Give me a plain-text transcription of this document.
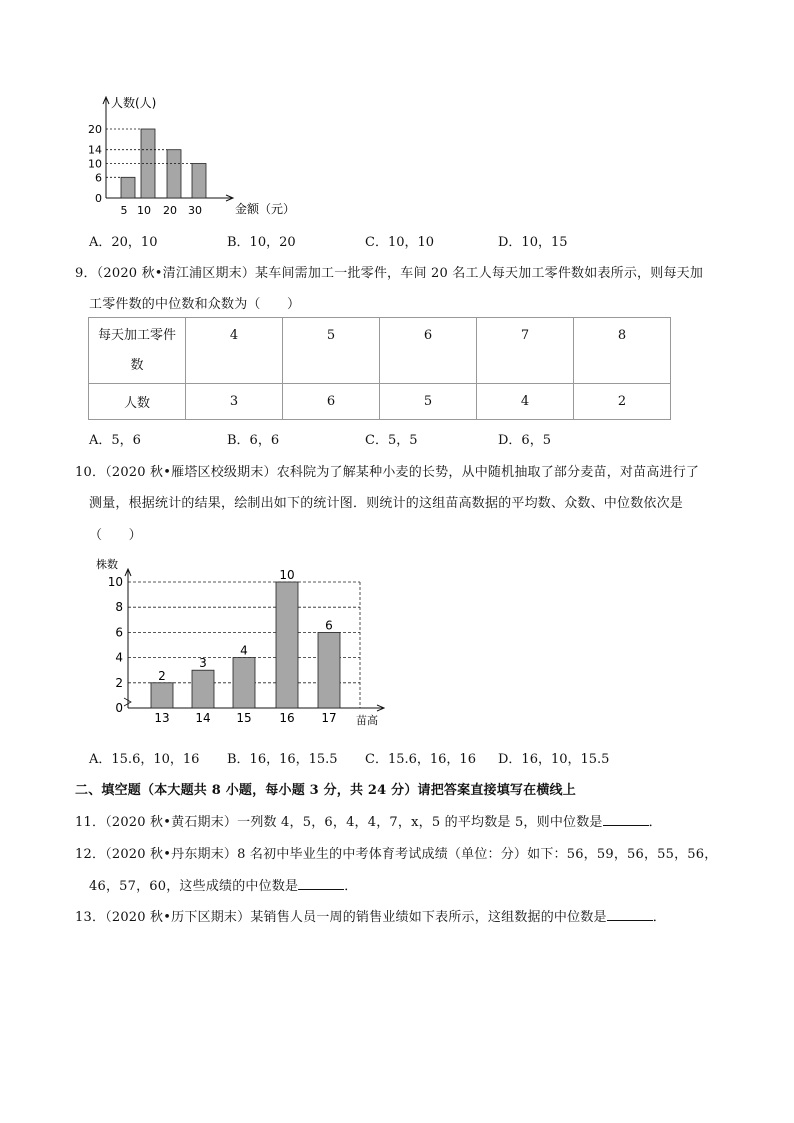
人数(人)
金额（元）
0
6
10
14
20
5 10 20 30
A．20，10	B．10，20	C．10，10	D．10，15
9．（2020 秋•清江浦区期末）某车间需加工一批零件，车间 20 名工人每天加工零件数如表所示，则每天加
工零件数的中位数和众数为（　　）
每天加工零件
数	4	5	6	7	8
人数	3	6	5	4	2
A．5，6	B．6，6	C．5，5	D．6，5
10．（2020 秋•雁塔区校级期末）农科院为了解某种小麦的长势，从中随机抽取了部分麦苗，对苗高进行了
测量，根据统计的结果，绘制出如下的统计图．则统计的这组苗高数据的平均数、众数、中位数依次是
（　　）
株数
苗高
0
2
4
6
8
10
2
13
3
14
4
15
10
16
6
17
A．15.6，10，16 B．16，16，15.5 C．15.6，16，16 D．16，10，15.5
二、填空题（本大题共 8 小题，每小题 3 分，共 24 分）请把答案直接填写在横线上
11．（2020 秋•黄石期末）一列数 4，5，6，4，4，7，x，5 的平均数是 5，则中位数是	．
12．（2020 秋•丹东期末）8 名初中毕业生的中考体育考试成绩（单位：分）如下：56，59，56，55，56，
46，57，60，这些成绩的中位数是	．
13．（2020 秋•历下区期末）某销售人员一周的销售业绩如下表所示，这组数据的中位数是	．
